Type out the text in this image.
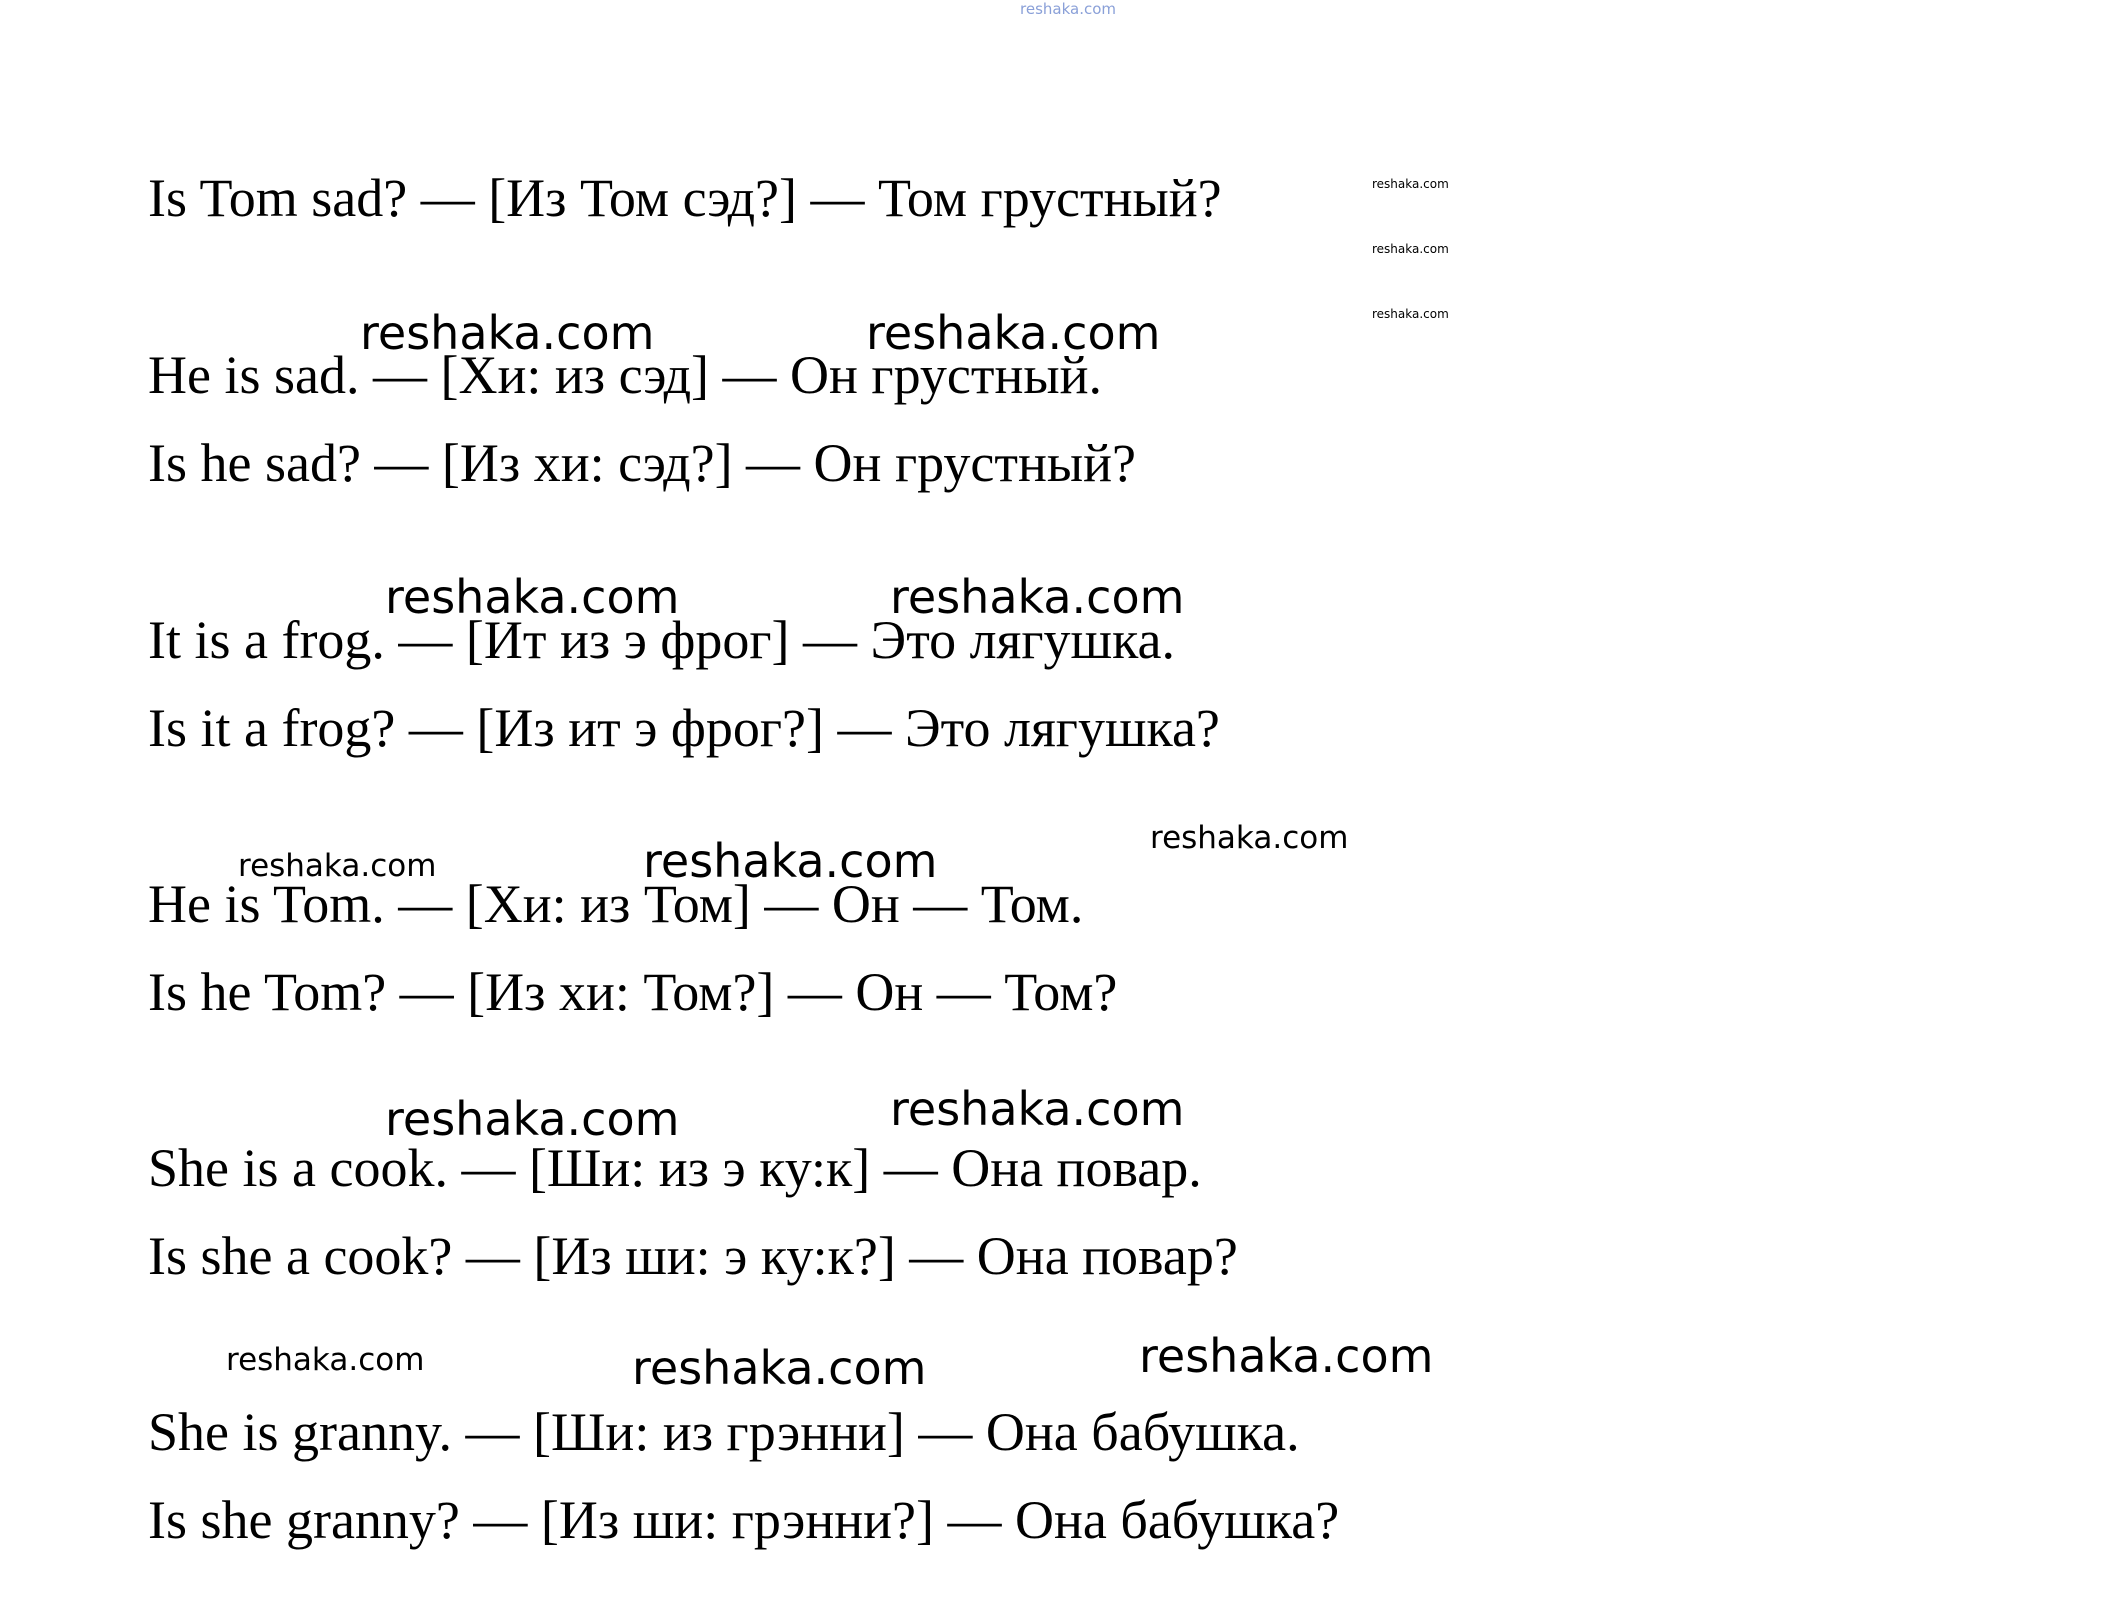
reshaka.com
reshaka.com
reshaka.com
reshaka.com
reshaka.com	reshaka.com
reshaka.com	reshaka.com
reshaka.com	reshaka.com	reshaka.com
reshaka.com	reshaka.com
reshaka.com	reshaka.com	reshaka.com

Is Tom sad? — [Из Том сэд?] — Том грустный?

He is sad. — [Хи: из сэд] — Он грустный.

Is he sad? — [Из хи: сэд?] — Он грустный?

It is a frog. — [Ит из э фрог] — Это лягушка.

Is it a frog? — [Из ит э фрог?] — Это лягушка?

He is Tom. — [Хи: из Том] — Он — Том.

Is he Tom? — [Из хи: Том?] — Он — Том?

She is a cook. — [Ши: из э ку:к] — Она повар.

Is she a cook? — [Из ши: э ку:к?] — Она повар?

She is granny. — [Ши: из грэнни] — Она бабушка.

Is she granny? — [Из ши: грэнни?] — Она бабушка?
